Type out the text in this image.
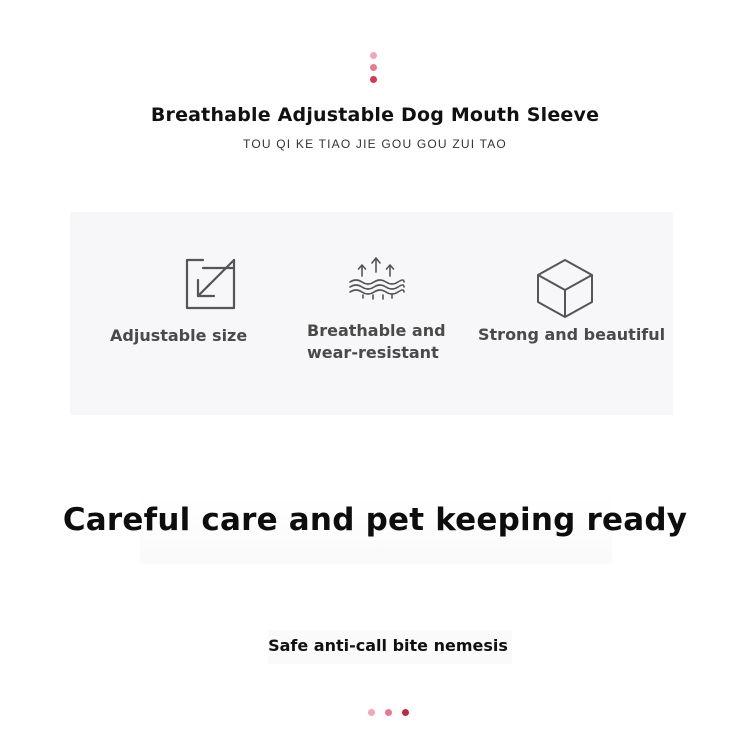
Breathable Adjustable Dog Mouth Sleeve
TOU QI KE TIAO JIE GOU GOU ZUI TAO
Adjustable size	Breathable and
wear-resistant
Strong and beautiful
Careful care and pet keeping ready
Safe anti-call bite nemesis
